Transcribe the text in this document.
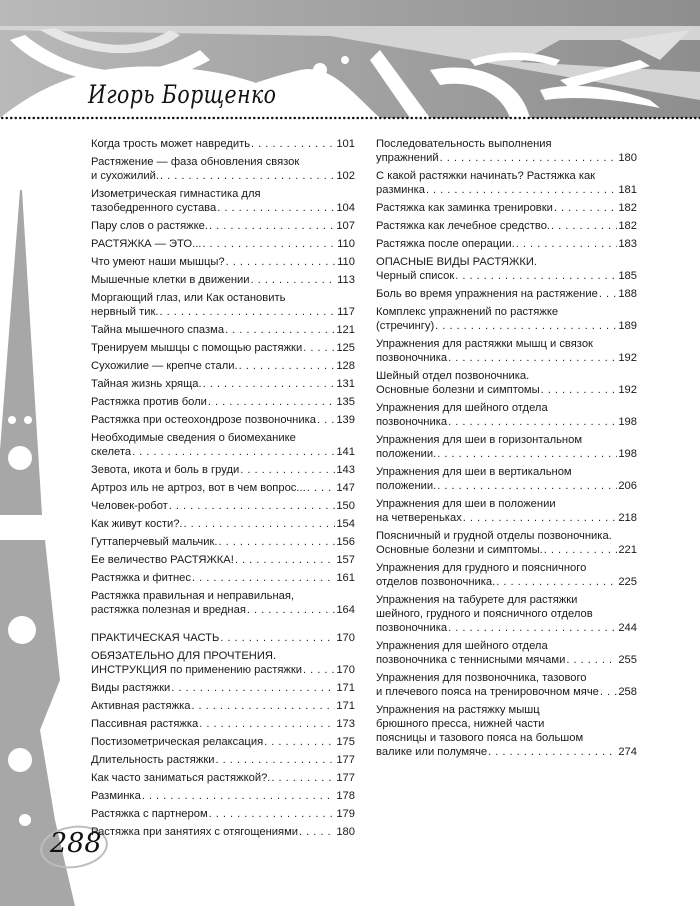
Игорь Борщенко
288
Когда трость может навредить . . .	101
Растяжение — фаза обновления связок
и сухожилий. . . .	102
Изометрическая гимнастика для
тазобедренного сустава . . .	104
Пару слов о растяжке. . . .	107
РАСТЯЖКА — ЭТО... . . .	110
Что умеют наши мышцы? . . .	110
Мышечные клетки в движении . . .	113
Моргающий глаз, или Как остановить
нервный тик. . . .	117
Тайна мышечного спазма . . .	121
Тренируем мышцы с помощью растяжки . . .	125
Сухожилие — крепче стали. . . .	128
Тайная жизнь хряща. . . .	131
Растяжка против боли . . .	135
Растяжка при остеохондрозе позвоночника . . . 139
Необходимые сведения о биомеханике
скелета . . .	141
Зевота, икота и боль в груди . . .	143
Артроз иль не артроз, вот в чем вопрос... . . .	147
Человек-робот . . .	150
Как живут кости?. . . .	154
Гуттаперчевый мальчик. . . .	156
Ее величество РАСТЯЖКА! . . .	157
Растяжка и фитнес . . .	161
Растяжка правильная и неправильная,
растяжка полезная и вредная . . .	164
ПРАКТИЧЕСКАЯ ЧАСТЬ . . .	170
ОБЯЗАТЕЛЬНО ДЛЯ ПРОЧТЕНИЯ.
ИНСТРУКЦИЯ по применению растяжки . . .	170
Виды растяжки . . .	171
Активная растяжка . . .	171
Пассивная растяжка . . .	173
Постизометрическая релаксация . . .	175
Длительность растяжки . . .	177
Как часто заниматься растяжкой?. . . .	177
Разминка . . .	178
Растяжка с партнером . . .	179
Растяжка при занятиях с отягощениями . . .	180
Последовательность выполнения
упражнений . . .	180
С какой растяжки начинать? Растяжка как
разминка . . .	181
Растяжка как заминка тренировки . . .	182
Растяжка как лечебное средство. . . .	182
Растяжка после операции. . . .	183
ОПАСНЫЕ ВИДЫ РАСТЯЖКИ.
Черный список . . .	185
Боль во время упражнения на растяжение . . . 188
Комплекс упражнений по растяжке
(стречингу) . . .	189
Упражнения для растяжки мышц и связок
позвоночника . . .	192
Шейный отдел позвоночника.
Основные болезни и симптомы . . .	192
Упражнения для шейного отдела
позвоночника . . .	198
Упражнения для шеи в горизонтальном
положении. . . .	198
Упражнения для шеи в вертикальном
положении. . . .	206
Упражнения для шеи в положении
на четвереньках . . .	218
Поясничный и грудной отделы позвоночника.
Основные болезни и симптомы. . . .	221
Упражнения для грудного и поясничного
отделов позвоночника. . . .	225
Упражнения на табурете для растяжки
шейного, грудного и поясничного отделов
позвоночника . . .	244
Упражнения для шейного отдела
позвоночника с теннисными мячами . . .	255
Упражнения для позвоночника, тазового
и плечевого пояса на тренировочном мяче . . . 258
Упражнения на растяжку мышц
брюшного пресса, нижней части
поясницы и тазового пояса на большом
валике или полумяче . . .	274
